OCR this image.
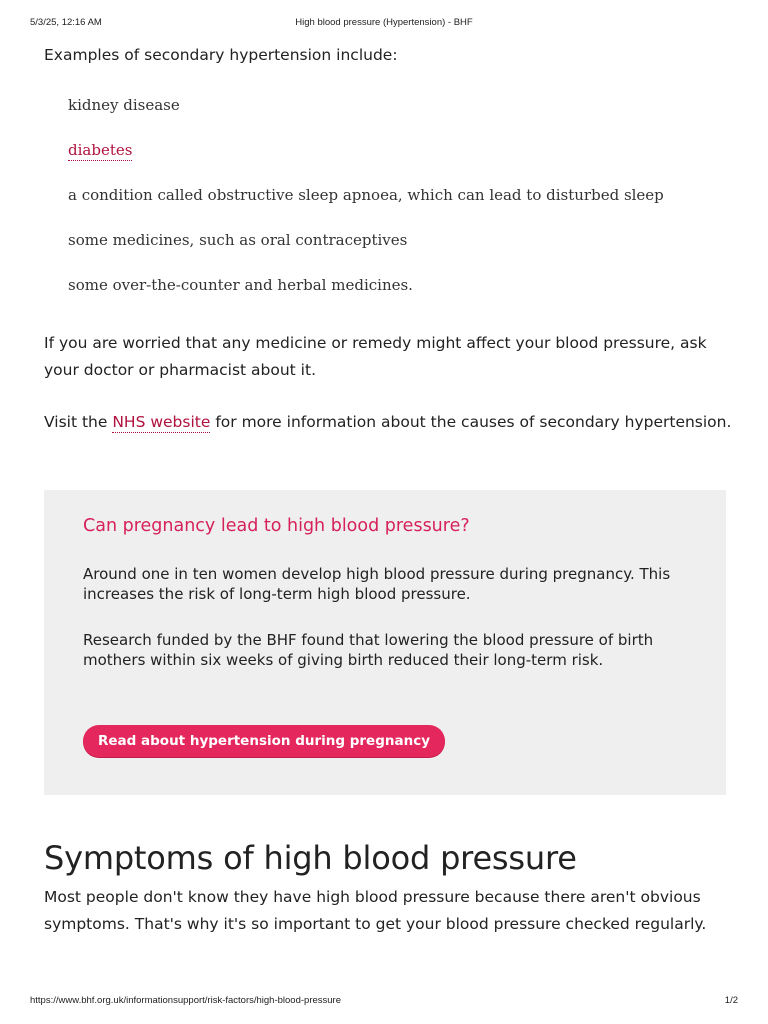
5/3/25, 12:16 AM	High blood pressure (Hypertension) - BHF

Examples of secondary hypertension include:

kidney disease
diabetes
a condition called obstructive sleep apnoea, which can lead to disturbed sleep
some medicines, such as oral contraceptives
some over-the-counter and herbal medicines.

If you are worried that any medicine or remedy might affect your blood pressure, ask your doctor or pharmacist about it.

Visit the NHS website for more information about the causes of secondary hypertension.

Can pregnancy lead to high blood pressure?

Around one in ten women develop high blood pressure during pregnancy. This increases the risk of long-term high blood pressure.

Research funded by the BHF found that lowering the blood pressure of birth mothers within six weeks of giving birth reduced their long-term risk.

Read about hypertension during pregnancy
Symptoms of high blood pressure

Most people don't know they have high blood pressure because there aren't obvious symptoms. That's why it's so important to get your blood pressure checked regularly.

https://www.bhf.org.uk/informationsupport/risk-factors/high-blood-pressure	1/2
